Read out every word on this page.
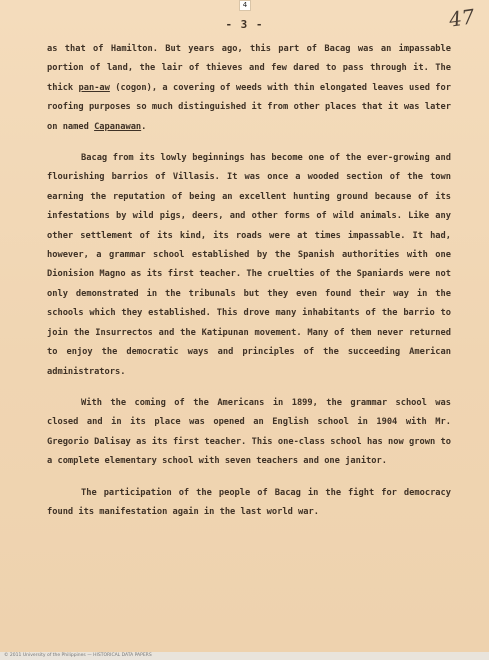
4
- 3 -	47

as that of Hamilton. But years ago, this part of Bacag was an impassable portion of land, the lair of thieves and few dared to pass through it. The thick pan-aw (cogon), a covering of weeds with thin elongated leaves used for roofing purposes so much distinguished it from other places that it was later on named Capanawan.

Bacag from its lowly beginnings has become one of the ever-growing and flourishing barrios of Villasis. It was once a wooded section of the town earning the reputation of being an excellent hunting ground because of its infestations by wild pigs, deers, and other forms of wild animals. Like any other settlement of its kind, its roads were at times impassable. It had, however, a grammar school established by the Spanish authorities with one Dionision Magno as its first teacher. The cruelties of the Spaniards were not only demonstrated in the tribunals but they even found their way in the schools which they established. This drove many inhabitants of the barrio to join the Insurrectos and the Katipunan movement. Many of them never returned to enjoy the democratic ways and principles of the succeeding American administrators.

With the coming of the Americans in 1899, the grammar school was closed and in its place was opened an English school in 1904 with Mr. Gregorio Dalisay as its first teacher. This one-class school has now grown to a complete elementary school with seven teachers and one janitor.

The participation of the people of Bacag in the fight for democracy found its manifestation again in the last world war.

© 2011 University of the Philippines — HISTORICAL DATA PAPERS
